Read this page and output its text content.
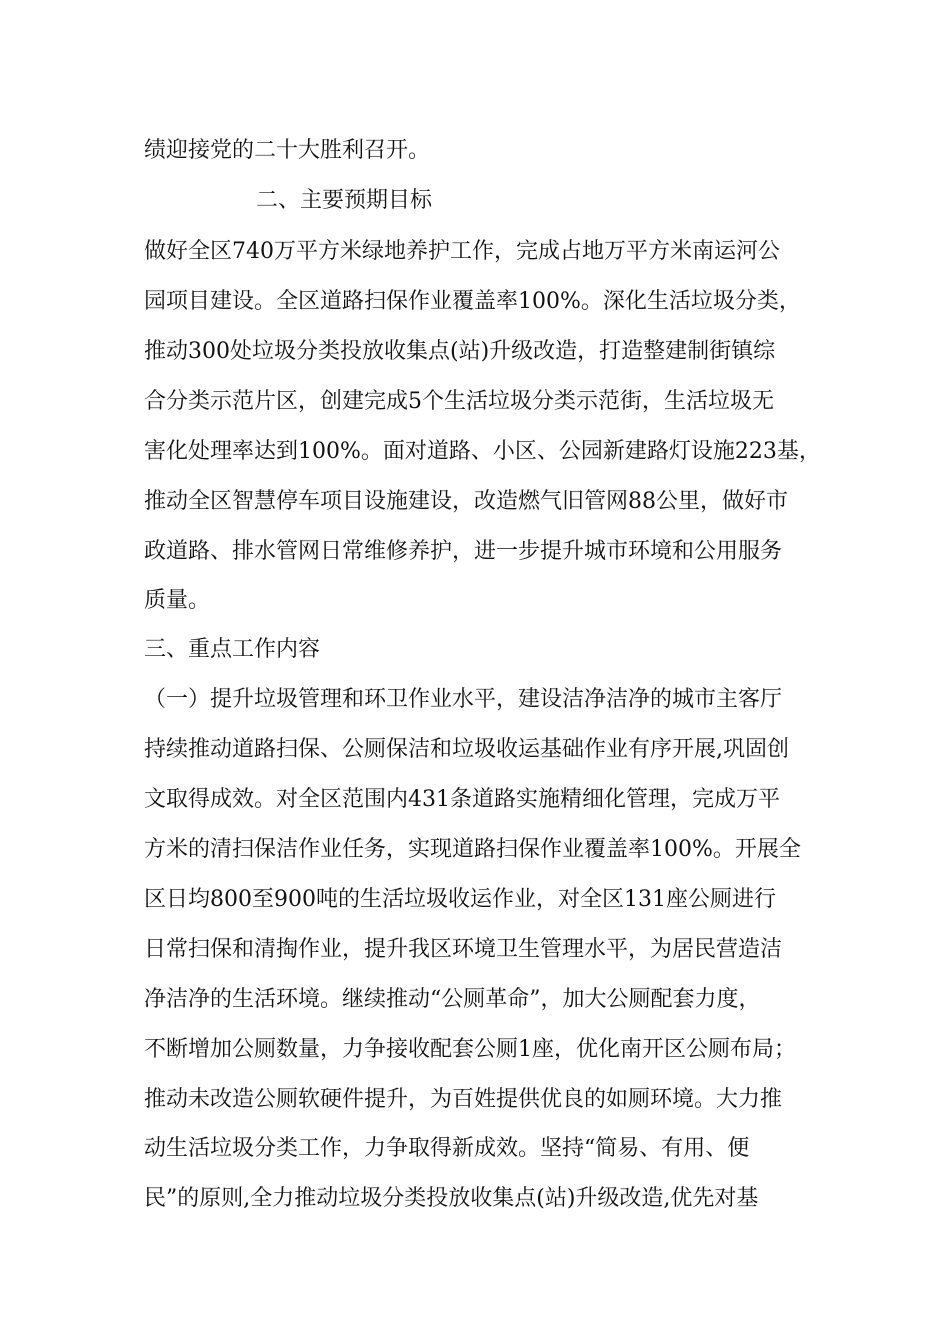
绩迎接党的二十大胜利召开。
二、主要预期目标
做好全区740万平方米绿地养护工作，完成占地万平方米南运河公
园项目建设。全区道路扫保作业覆盖率100%。深化生活垃圾分类，
推动300处垃圾分类投放收集点(站)升级改造，打造整建制街镇综
合分类示范片区，创建完成5个生活垃圾分类示范街，生活垃圾无
害化处理率达到100%。面对道路、小区、公园新建路灯设施223基，
推动全区智慧停车项目设施建设，改造燃气旧管网88公里，做好市
政道路、排水管网日常维修养护，进一步提升城市环境和公用服务
质量。
三、重点工作内容
（一）提升垃圾管理和环卫作业水平，建设洁净洁净的城市主客厅
持续推动道路扫保、公厕保洁和垃圾收运基础作业有序开展,巩固创
文取得成效。对全区范围内431条道路实施精细化管理，完成万平
方米的清扫保洁作业任务，实现道路扫保作业覆盖率100%。开展全
区日均800至900吨的生活垃圾收运作业，对全区131座公厕进行
日常扫保和清掏作业，提升我区环境卫生管理水平，为居民营造洁
净洁净的生活环境。继续推动“公厕革命”，加大公厕配套力度，
不断增加公厕数量，力争接收配套公厕1座，优化南开区公厕布局；
推动未改造公厕软硬件提升，为百姓提供优良的如厕环境。大力推
动生活垃圾分类工作，力争取得新成效。坚持“简易、有用、便
民”的原则,全力推动垃圾分类投放收集点(站)升级改造,优先对基
